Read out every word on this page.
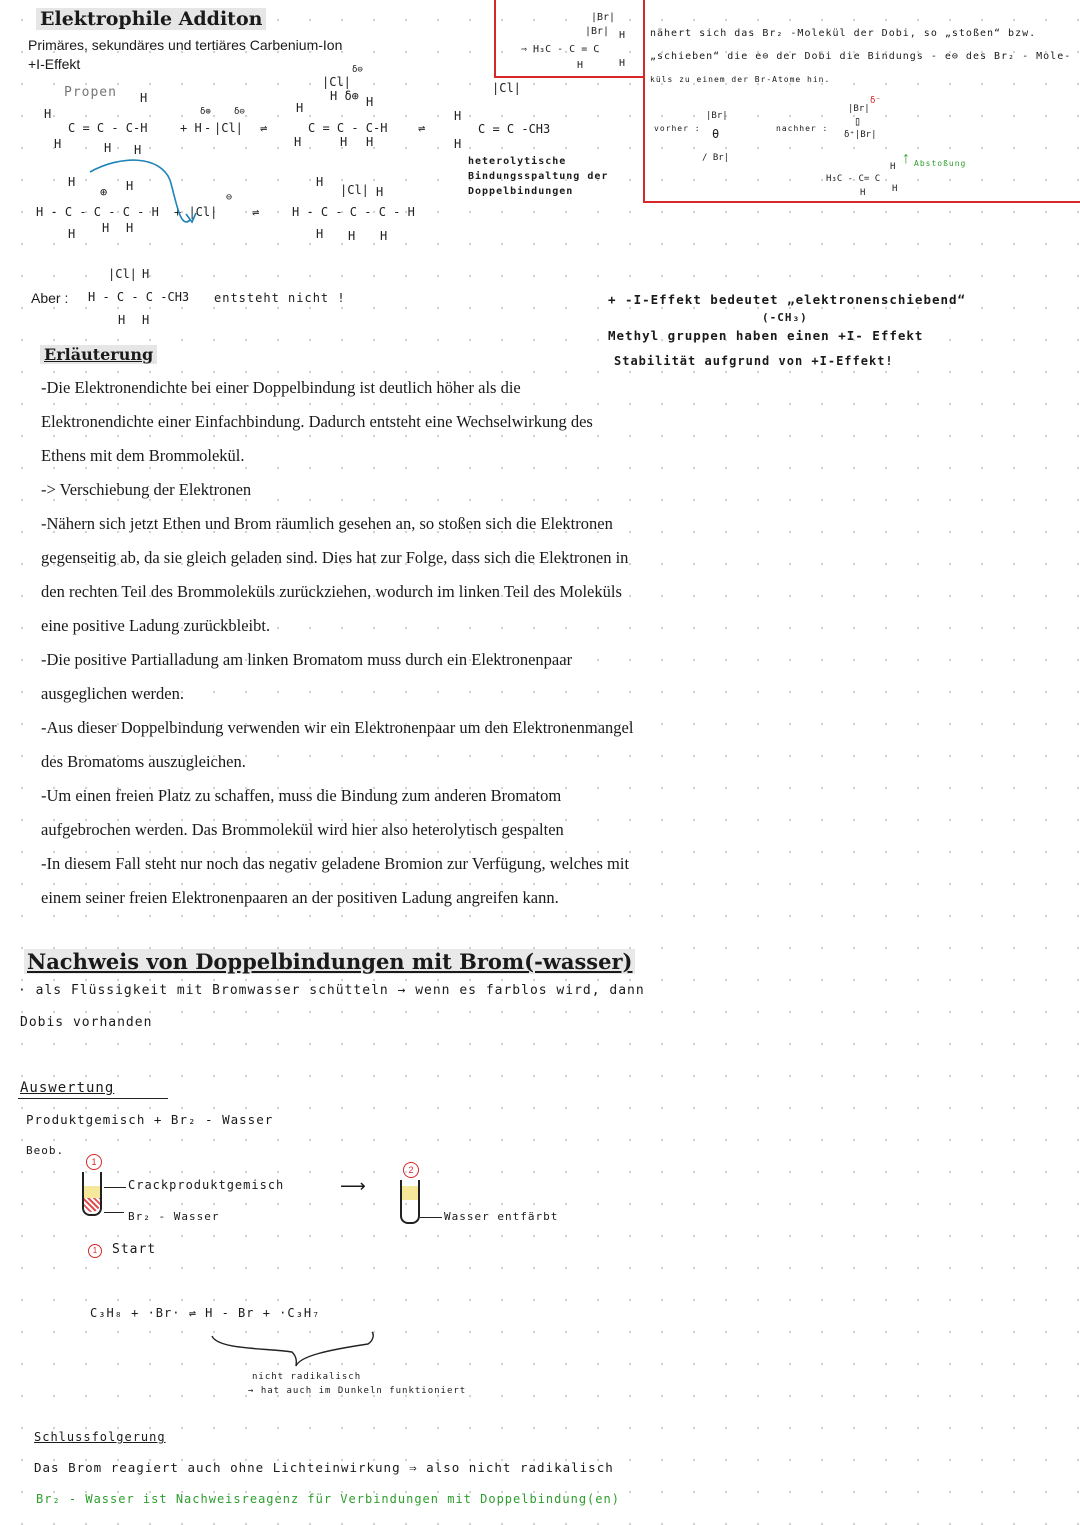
Elektrophile Additon
Primäres, sekundäres und tertiäres Carbenium-Ion
+I-Effekt
Propen
H
C = C - C-H
H	H H
H
+ H - |Cl|
δ⊕	δ⊖
⇌
H
C = C - C-H
H	H H
|Cl|
H δ⊕
δ⊖
H
⇌
H - C - C - C - H
H	H
⊕
H H H
+ |Cl|
⊖
⇌	H - C - C - C - H
H
|Cl| H
H H H
H
H
|Cl|
C = C -CH3
heterolytische
Bindungsspaltung der
Doppelbindungen
|Br|
|Br|
⇒ H₃C - C = C
H
H
H
Aber :
|Cl| H
H H
H - C - C -CH3 entsteht nicht !
nähert sich das Br₂ -Molekül der Dobi, so „stoßen“ bzw.
„schieben“ die e⊖ der Dobi die Bindungs - e⊖ des Br₂ - Mole-
küls zu einem der Br-Atome hin.
vorher :
|Br|
θ
/ Br|
nachher :
|Br|
δ⁻
▯
δ⁺|Br|
H₃C - C= C
H
H
H
↑ Abstoßung
+ -I-Effekt bedeutet „elektronenschiebend“
(-CH₃)
Methyl gruppen haben einen +I- Effekt
Stabilität aufgrund von +I-Effekt!
Erläuterung

-Die Elektronendichte bei einer Doppelbindung ist deutlich höher als die

Elektronendichte einer Einfachbindung. Dadurch entsteht eine Wechselwirkung des

Ethens mit dem Brommolekül.

-> Verschiebung der Elektronen

-Nähern sich jetzt Ethen und Brom räumlich gesehen an, so stoßen sich die Elektronen

gegenseitig ab, da sie gleich geladen sind. Dies hat zur Folge, dass sich die Elektronen in

den rechten Teil des Brommoleküls zurückziehen, wodurch im linken Teil des Moleküls

eine positive Ladung zurückbleibt.

-Die positive Partialladung am linken Bromatom muss durch ein Elektronenpaar

ausgeglichen werden.

-Aus dieser Doppelbindung verwenden wir ein Elektronenpaar um den Elektronenmangel

des Bromatoms auszugleichen.

-Um einen freien Platz zu schaffen, muss die Bindung zum anderen Bromatom

aufgebrochen werden. Das Brommolekül wird hier also heterolytisch gespalten

-In diesem Fall steht nur noch das negativ geladene Bromion zur Verfügung, welches mit

einem seiner freien Elektronenpaaren an der positiven Ladung angreifen kann.

Nachweis von Doppelbindungen mit Brom(-wasser)
· als Flüssigkeit mit Bromwasser schütteln → wenn es farblos wird, dann
Dobis vorhanden
Auswertung
Produktgemisch + Br₂ - Wasser
Beob.
1
Crackproduktgemisch
Br₂ - Wasser
⟶
2
Wasser entfärbt
1	Start
C₃H₈ + ·Br· ⇌ H - Br + ·C₃H₇
nicht radikalisch
→ hat auch im Dunkeln funktioniert
Schlussfolgerung
Das Brom reagiert auch ohne Lichteinwirkung ⇒ also nicht radikalisch
Br₂ - Wasser ist Nachweisreagenz für Verbindungen mit Doppelbindung(en)
